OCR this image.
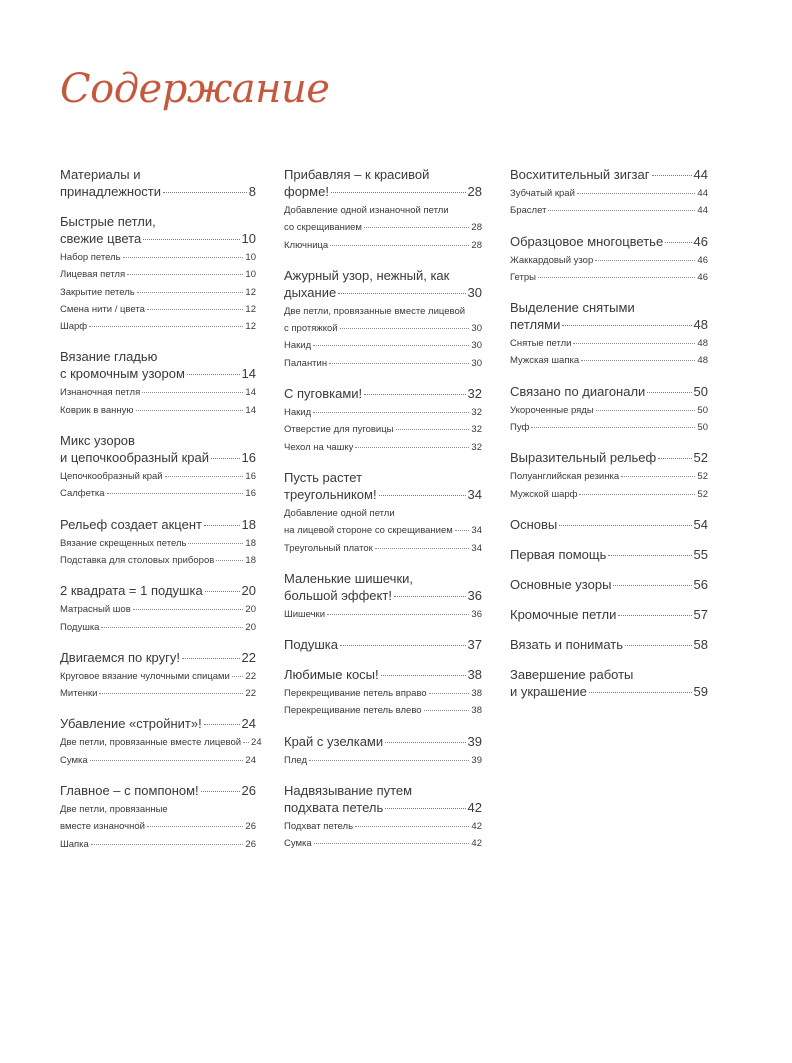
Содержание
Материалы и
принадлежности	8
Быстрые петли,
свежие цвета	10
Набор петель	10
Лицевая петля	10
Закрытие петель	12
Смена нити / цвета	12
Шарф	12
Вязание гладью
с кромочным узором	14
Изнаночная петля	14
Коврик в ванную	14
Микс узоров
и цепочкообразный край	16
Цепочкообразный край	16
Салфетка	16
Рельеф создает акцент	18
Вязание скрещенных петель	18
Подставка для столовых приборов	18
2 квадрата = 1 подушка	20
Матрасный шов	20
Подушка	20
Двигаемся по кругу!	22
Круговое вязание чулочными спицами 22
Митенки	22
Убавление «стройнит»!	24
Две петли, провязанные вместе лицевой 24
Сумка	24
Главное – с помпоном!	26
Две петли, провязанные
вместе изнаночной	26
Шапка	26
Прибавляя – к красивой
форме!	28
Добавление одной изнаночной петли
со скрещиванием	28
Ключница	28
Ажурный узор, нежный, как
дыхание	30
Две петли, провязанные вместе лицевой
с протяжкой	30
Накид	30
Палантин	30
С пуговками!	32
Накид	32
Отверстие для пуговицы	32
Чехол на чашку	32
Пусть растет
треугольником!	34
Добавление одной петли
на лицевой стороне со скрещиванием 34
Треугольный платок	34
Маленькие шишечки,
большой эффект!	36
Шишечки	36
Подушка	37
Любимые косы!	38
Перекрещивание петель вправо	38
Перекрещивание петель влево	38
Край с узелками	39
Плед	39
Надвязывание путем
подхвата петель	42
Подхват петель	42
Сумка	42
Восхитительный зигзаг	44
Зубчатый край	44
Браслет	44
Образцовое многоцветье 46
Жаккардовый узор	46
Гетры	46
Выделение снятыми
петлями	48
Снятые петли	48
Мужская шапка	48
Связано по диагонали	50
Укороченные ряды	50
Пуф	50
Выразительный рельеф	52
Полуанглийская резинка	52
Мужской шарф	52
Основы	54
Первая помощь	55
Основные узоры	56
Кромочные петли	57
Вязать и понимать	58
Завершение работы
и украшение	59
